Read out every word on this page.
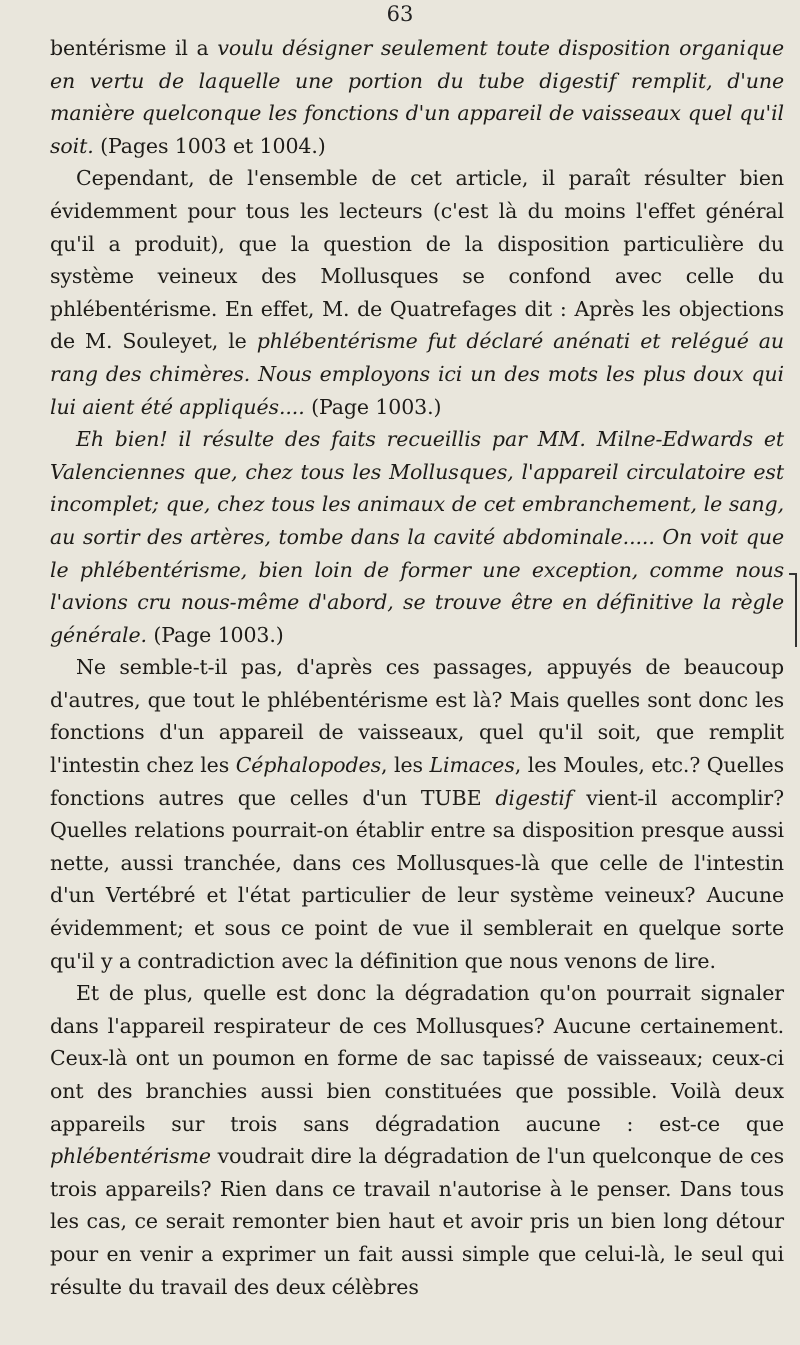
63

bentérisme il a voulu désigner seulement toute disposition organique en vertu de laquelle une portion du tube digestif remplit, d'une manière quelconque les fonctions d'un appareil de vaisseaux quel qu'il soit. (Pages 1003 et 1004.)

Cependant, de l'ensemble de cet article, il paraît résulter bien évidemment pour tous les lecteurs (c'est là du moins l'effet général qu'il a produit), que la question de la disposition particulière du système veineux des Mollusques se confond avec celle du phlébentérisme. En effet, M. de Quatrefages dit : Après les objections de M. Souleyet, le phlébentérisme fut déclaré anénati et relégué au rang des chimères. Nous employons ici un des mots les plus doux qui lui aient été appliqués.... (Page 1003.)

Eh bien! il résulte des faits recueillis par MM. Milne-Edwards et Valenciennes que, chez tous les Mollusques, l'appareil circulatoire est incomplet; que, chez tous les animaux de cet embranchement, le sang, au sortir des artères, tombe dans la cavité abdominale..... On voit que le phlébentérisme, bien loin de former une exception, comme nous l'avions cru nous-même d'abord, se trouve être en définitive la règle générale. (Page 1003.)

Ne semble-t-il pas, d'après ces passages, appuyés de beaucoup d'autres, que tout le phlébentérisme est là? Mais quelles sont donc les fonctions d'un appareil de vaisseaux, quel qu'il soit, que remplit l'intestin chez les Céphalopodes, les Limaces, les Moules, etc.? Quelles fonctions autres que celles d'un TUBE digestif vient-il accomplir? Quelles relations pourrait-on établir entre sa disposition presque aussi nette, aussi tranchée, dans ces Mollusques-là que celle de l'intestin d'un Vertébré et l'état particulier de leur système veineux? Aucune évidemment; et sous ce point de vue il semblerait en quelque sorte qu'il y a contradiction avec la définition que nous venons de lire.

Et de plus, quelle est donc la dégradation qu'on pourrait signaler dans l'appareil respirateur de ces Mollusques? Aucune certainement. Ceux-là ont un poumon en forme de sac tapissé de vaisseaux; ceux-ci ont des branchies aussi bien constituées que possible. Voilà deux appareils sur trois sans dégradation aucune : est-ce que phlébentérisme voudrait dire la dégradation de l'un quelconque de ces trois appareils? Rien dans ce travail n'autorise à le penser. Dans tous les cas, ce serait remonter bien haut et avoir pris un bien long détour pour en venir a exprimer un fait aussi simple que celui-là, le seul qui résulte du travail des deux célèbres
